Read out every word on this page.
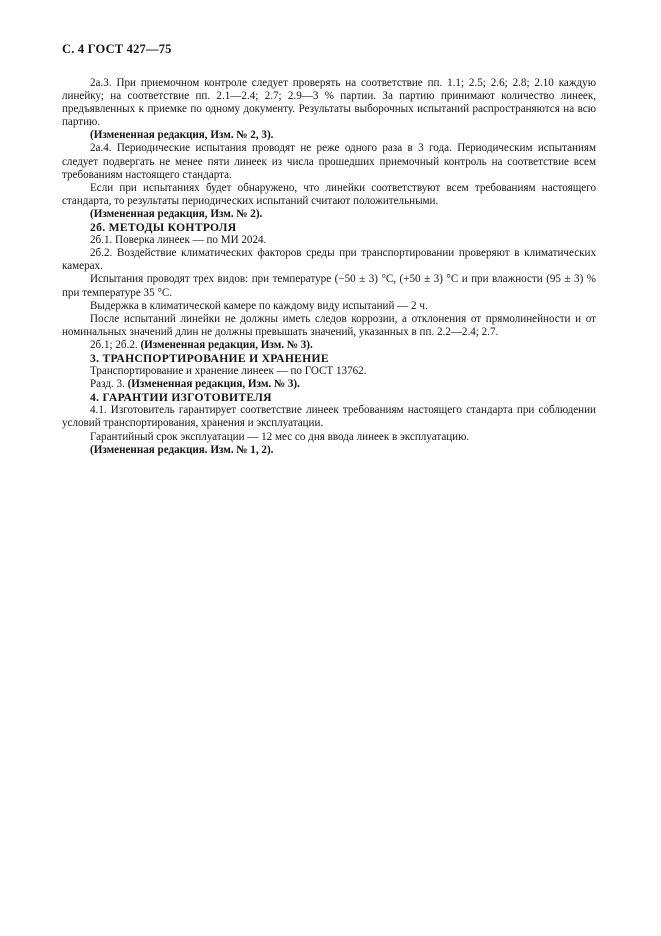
С. 4 ГОСТ 427—75

2а.3. При приемочном контроле следует проверять на соответствие пп. 1.1; 2.5; 2.6; 2.8; 2.10 каждую линейку; на соответствие пп. 2.1—2.4; 2.7; 2.9—3 % партии. За партию принимают количество линеек, предъявленных к приемке по одному документу. Результаты выборочных испытаний распространяются на всю партию.

(Измененная редакция, Изм. № 2, 3).

2а.4. Периодические испытания проводят не реже одного раза в 3 года. Периодическим испытаниям следует подвергать не менее пяти линеек из числа прошедших приемочный контроль на соответствие всем требованиям настоящего стандарта.

Если при испытаниях будет обнаружено, что линейки соответствуют всем требованиям настоящего стандарта, то результаты периодических испытаний считают положительными.

(Измененная редакция, Изм. № 2).

2б. МЕТОДЫ КОНТРОЛЯ

2б.1. Поверка линеек — по МИ 2024.

2б.2. Воздействие климатических факторов среды при транспортировании проверяют в климатических камерах.

Испытания проводят трех видов: при температуре (−50 ± 3) °С, (+50 ± 3) °С и при влажности (95 ± 3) % при температуре 35 °С.

Выдержка в климатической камере по каждому виду испытаний — 2 ч.

После испытаний линейки не должны иметь следов коррозии, а отклонения от прямолинейности и от номинальных значений длин не должны превышать значений, указанных в пп. 2.2—2.4; 2.7.

2б.1; 2б.2. (Измененная редакция, Изм. № 3).

3. ТРАНСПОРТИРОВАНИЕ И ХРАНЕНИЕ

Транспортирование и хранение линеек — по ГОСТ 13762.

Разд. 3. (Измененная редакция, Изм. № 3).

4. ГАРАНТИИ ИЗГОТОВИТЕЛЯ

4.1. Изготовитель гарантирует соответствие линеек требованиям настоящего стандарта при соблюдении условий транспортирования, хранения и эксплуатации.

Гарантийный срок эксплуатации — 12 мес со дня ввода линеек в эксплуатацию.

(Измененная редакция. Изм. № 1, 2).
